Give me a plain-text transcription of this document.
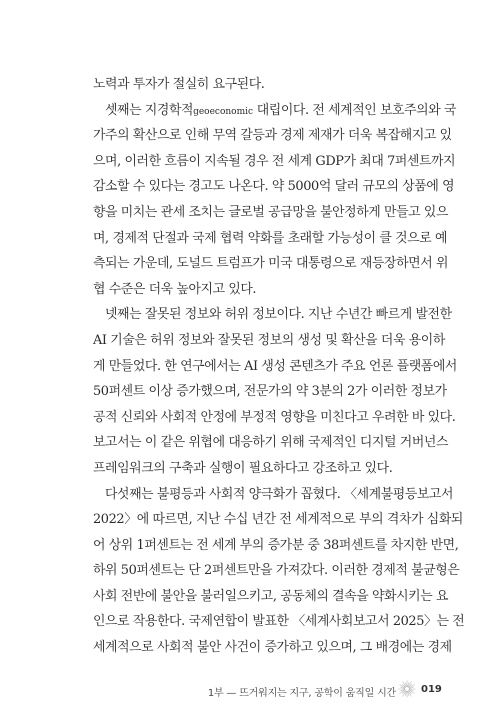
노력과 투자가 절실히 요구된다.
셋째는 지경학적geoeconomic 대립이다. 전 세계적인 보호주의와 국
가주의 확산으로 인해 무역 갈등과 경제 제재가 더욱 복잡해지고 있
으며, 이러한 흐름이 지속될 경우 전 세계 GDP가 최대 7퍼센트까지
감소할 수 있다는 경고도 나온다. 약 5000억 달러 규모의 상품에 영
향을 미치는 관세 조치는 글로벌 공급망을 불안정하게 만들고 있으
며, 경제적 단절과 국제 협력 약화를 초래할 가능성이 클 것으로 예
측되는 가운데, 도널드 트럼프가 미국 대통령으로 재등장하면서 위
협 수준은 더욱 높아지고 있다.
넷째는 잘못된 정보와 허위 정보이다. 지난 수년간 빠르게 발전한
AI 기술은 허위 정보와 잘못된 정보의 생성 및 확산을 더욱 용이하
게 만들었다. 한 연구에서는 AI 생성 콘텐츠가 주요 언론 플랫폼에서
50퍼센트 이상 증가했으며, 전문가의 약 3분의 2가 이러한 정보가
공적 신뢰와 사회적 안정에 부정적 영향을 미친다고 우려한 바 있다.
보고서는 이 같은 위협에 대응하기 위해 국제적인 디지털 거버넌스
프레임워크의 구축과 실행이 필요하다고 강조하고 있다.
다섯째는 불평등과 사회적 양극화가 꼽혔다. 〈세계불평등보고서
2022〉에 따르면, 지난 수십 년간 전 세계적으로 부의 격차가 심화되
어 상위 1퍼센트는 전 세계 부의 증가분 중 38퍼센트를 차지한 반면,
하위 50퍼센트는 단 2퍼센트만을 가져갔다. 이러한 경제적 불균형은
사회 전반에 불안을 불러일으키고, 공동체의 결속을 약화시키는 요
인으로 작용한다. 국제연합이 발표한 〈세계사회보고서 2025〉는 전
세계적으로 사회적 불안 사건이 증가하고 있으며, 그 배경에는 경제
1부 — 뜨거워지는 지구, 공학이 움직일 시간	019
